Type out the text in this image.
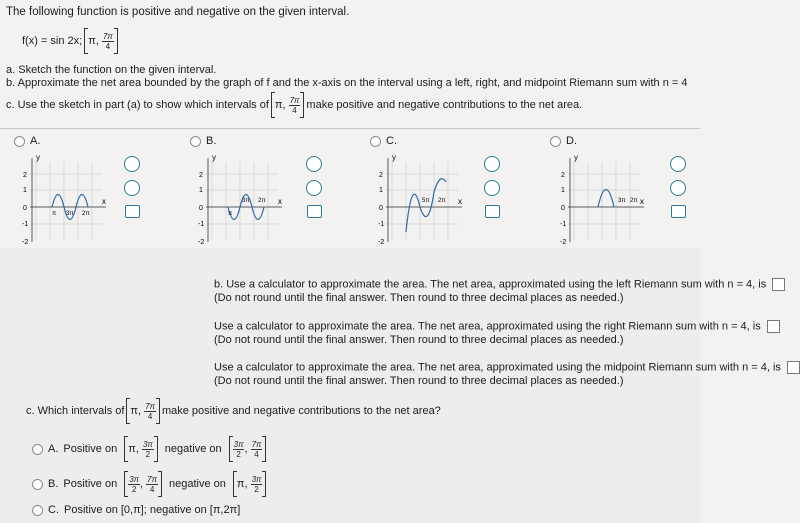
The following function is positive and negative on the given interval.
f(x) = sin 2x; π , $\frac{7\pi}{4}$
a. Sketch the function on the given interval.
b. Approximate the net area bounded by the graph of f and the x-axis on the interval using a left, right, and midpoint Riemann sum with n = 4
c. Use the sketch in part (a) to show which intervals of π , $\frac{7\pi}{4}$ make positive and negative contributions to the net area.
A.	B.	C.	D.
y
x
2
1
0
-1
-2
π 3π 2π
y
x
2
1
0
-1
-2
π
3π 2π
y
x
2
1
0
-1
-2
5π 2π
y
x
2
1
0
-1
-2
3π 2π
b. Use a calculator to approximate the area. The net area, approximated using the left Riemann sum with n = 4, is
(Do not round until the final answer. Then round to three decimal places as needed.)
Use a calculator to approximate the area. The net area, approximated using the right Riemann sum with n = 4, is
(Do not round until the final answer. Then round to three decimal places as needed.)
Use a calculator to approximate the area. The net area, approximated using the midpoint Riemann sum with n = 4, is
(Do not round until the final answer. Then round to three decimal places as needed.)
c. Which intervals of π , $\frac{7\pi}{4}$ make positive and negative contributions to the net area?
A. Positive on π , $\frac{3\pi}{2}$ negative on $\frac{3\pi}{2}$ , $\frac{7\pi}{4}$
B. Positive on $\frac{3\pi}{2}$ , $\frac{7\pi}{4}$ negative on π , $\frac{3\pi}{2}$
C. Positive on [0,π]; negative on [π,2π]
